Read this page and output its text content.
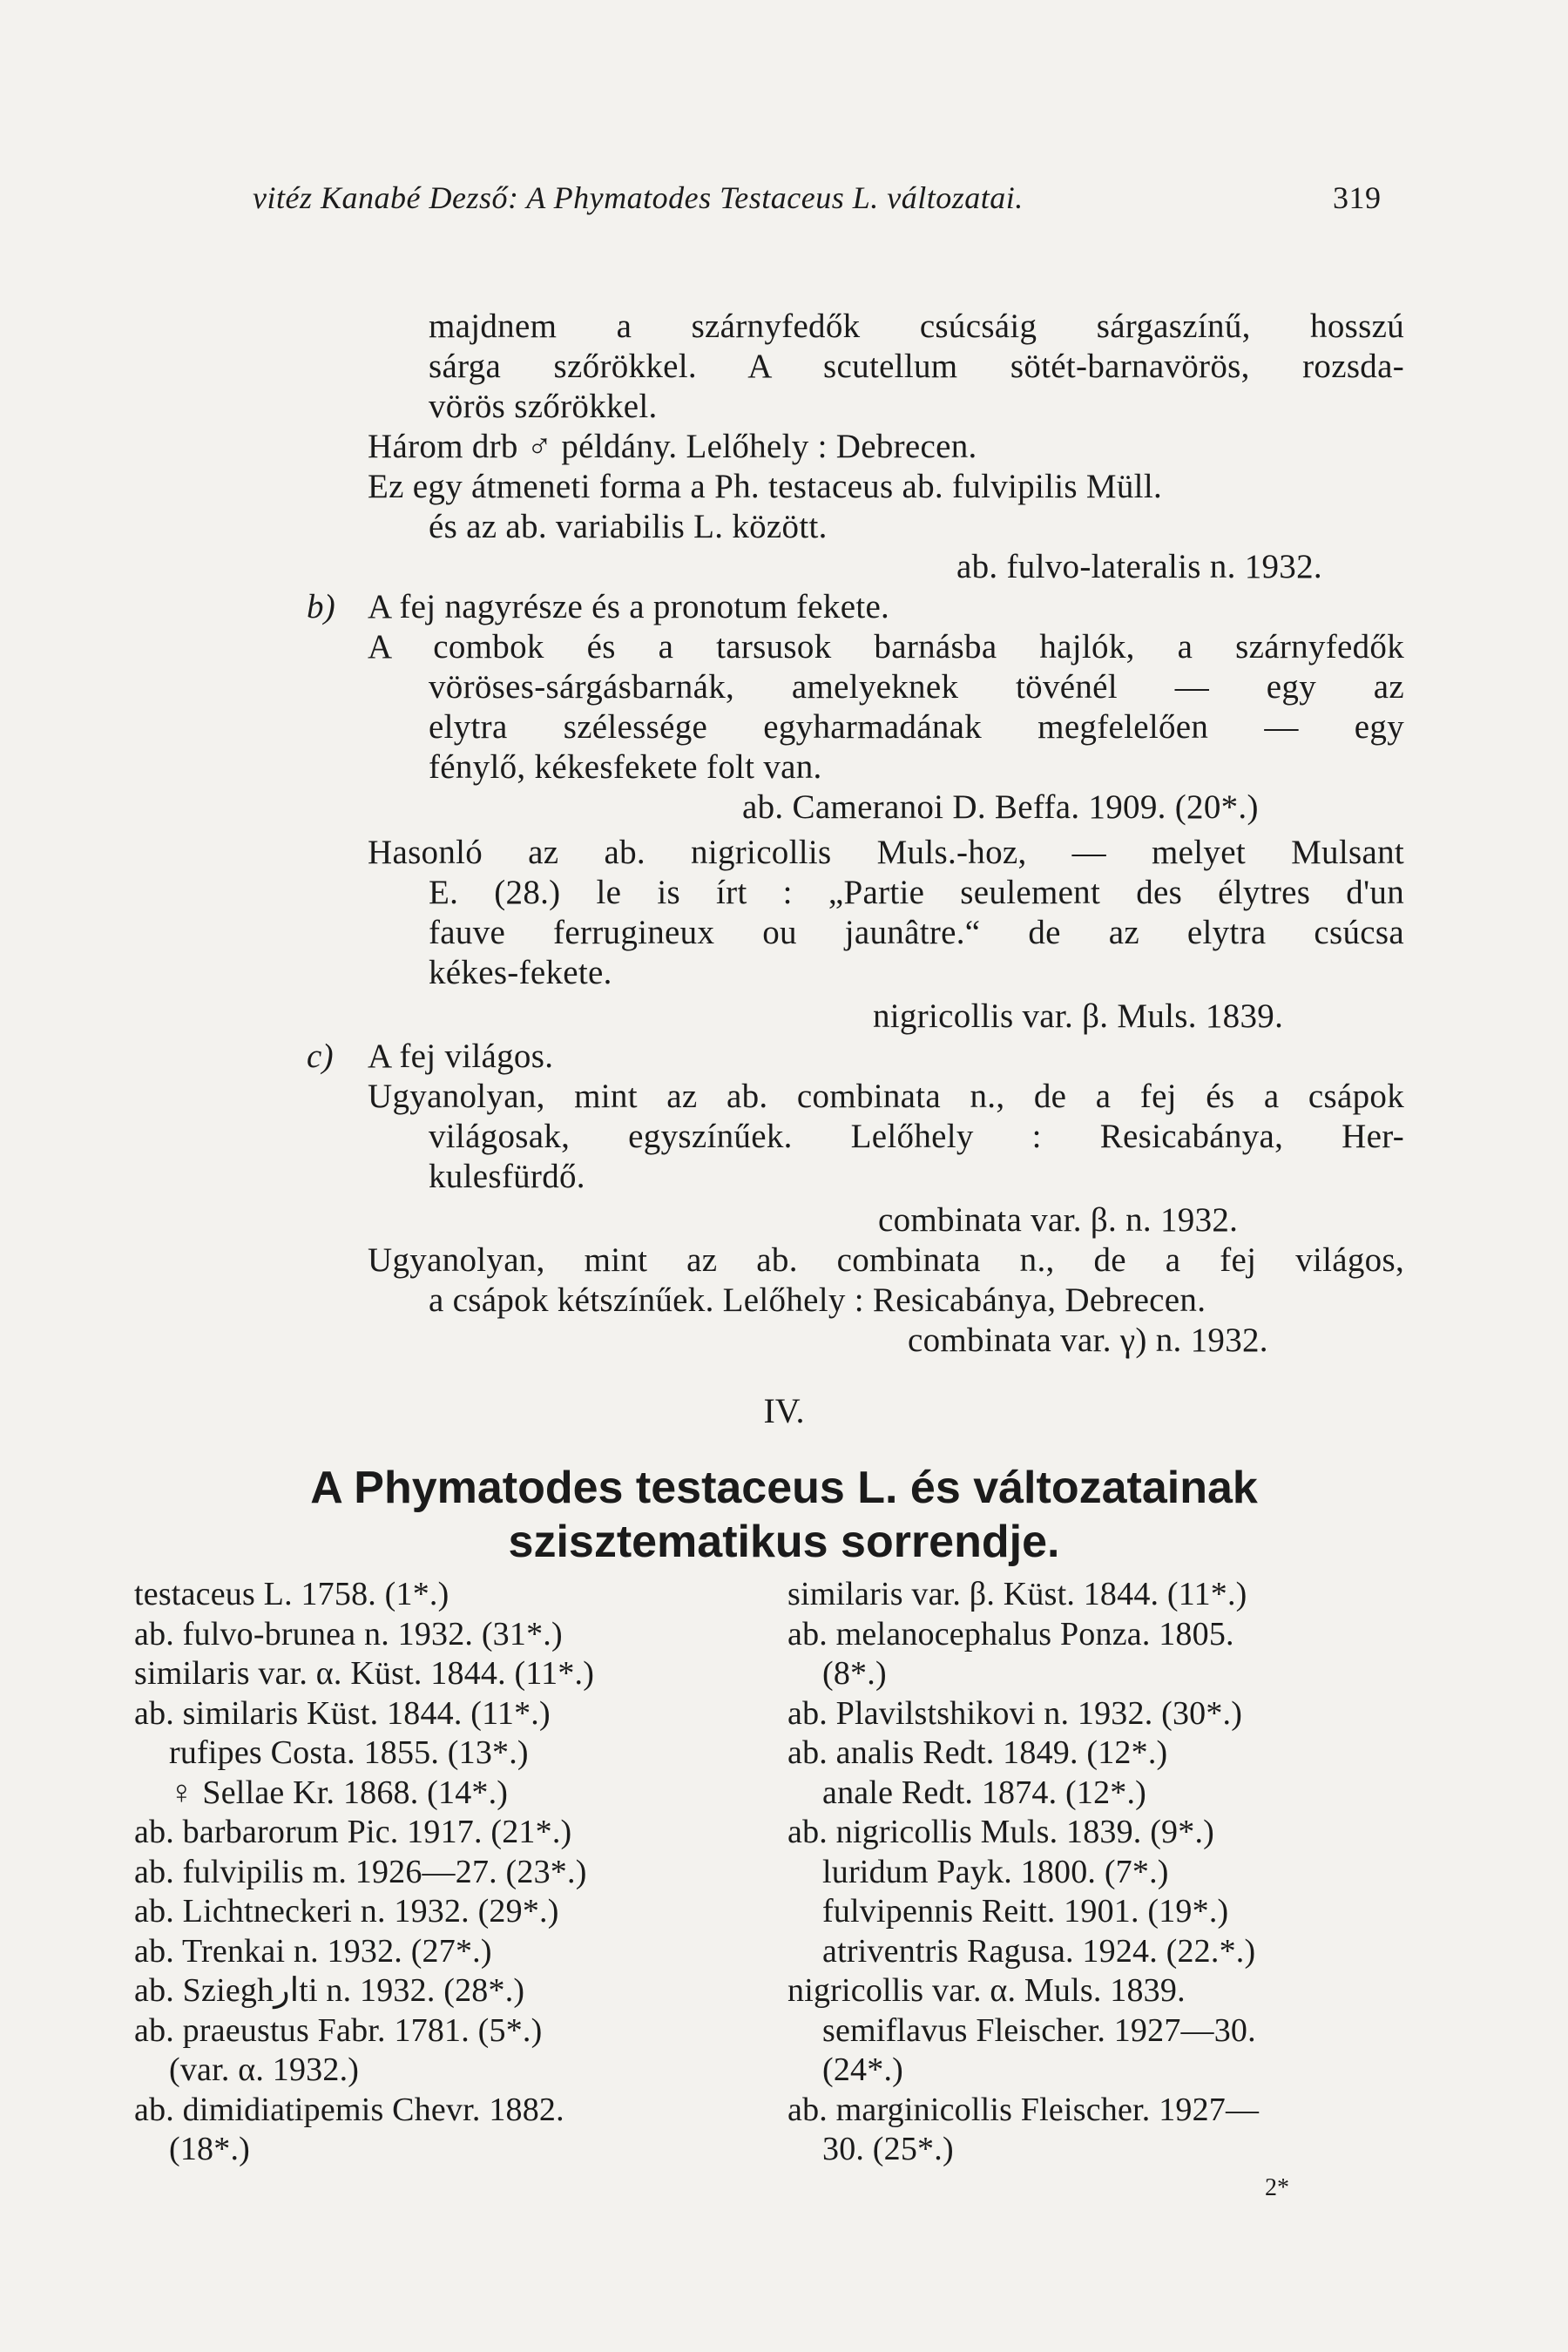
vitéz Kanabé Dezső: A Phymatodes Testaceus L. változatai.	319
majdnem a szárnyfedők csúcsáig sárgaszínű, hosszú
sárga szőrökkel. A scutellum sötét-barnavörös, rozsda-
vörös szőrökkel.
Három drb ♂ példány. Lelőhely : Debrecen.
Ez egy átmeneti forma a Ph. testaceus ab. fulvipilis Müll.
és az ab. variabilis L. között.
ab. fulvo-lateralis n. 1932.
b) A fej nagyrésze és a pronotum fekete.
A combok és a tarsusok barnásba hajlók, a szárnyfedők
vöröses-sárgásbarnák, amelyeknek tövénél — egy az
elytra szélessége egyharmadának megfelelően — egy
fénylő, kékesfekete folt van.
ab. Cameranoi D. Beffa. 1909. (20*.)
Hasonló az ab. nigricollis Muls.-hoz, — melyet Mulsant
E. (28.) le is írt : „Partie seulement des élytres d'un
fauve ferrugineux ou jaunâtre.“ de az elytra csúcsa
kékes-fekete.
nigricollis var. β. Muls. 1839.
c) A fej világos.
Ugyanolyan, mint az ab. combinata n., de a fej és a csápok
világosak, egyszínűek. Lelőhely : Resicabánya, Her-
kulesfürdő.
combinata var. β. n. 1932.
Ugyanolyan, mint az ab. combinata n., de a fej világos,
a csápok kétszínűek. Lelőhely : Resicabánya, Debrecen.
combinata var. γ) n. 1932.
IV.
A Phymatodes testaceus L. és változatainak
szisztematikus sorrendje.
testaceus L. 1758. (1*.)
ab. fulvo-brunea n. 1932. (31*.)
similaris var. α. Küst. 1844. (11*.)
ab. similaris Küst. 1844. (11*.)
rufipes Costa. 1855. (13*.)
♀ Sellae Kr. 1868. (14*.)
ab. barbarorum Pic. 1917. (21*.)
ab. fulvipilis m. 1926—27. (23*.)
ab. Lichtneckeri n. 1932. (29*.)
ab. Trenkai n. 1932. (27*.)
ab. Szieghارti n. 1932. (28*.)
ab. praeustus Fabr. 1781. (5*.)
(var. α. 1932.)
ab. dimidiatipemis Chevr. 1882.
(18*.)
similaris var. β. Küst. 1844. (11*.)
ab. melanocephalus Ponza. 1805.
(8*.)
ab. Plavilstshikovi n. 1932. (30*.)
ab. analis Redt. 1849. (12*.)
anale Redt. 1874. (12*.)
ab. nigricollis Muls. 1839. (9*.)
luridum Payk. 1800. (7*.)
fulvipennis Reitt. 1901. (19*.)
atriventris Ragusa. 1924. (22.*.)
nigricollis var. α. Muls. 1839.
semiflavus Fleischer. 1927—30.
(24*.)
ab. marginicollis Fleischer. 1927—
30. (25*.)
2*
